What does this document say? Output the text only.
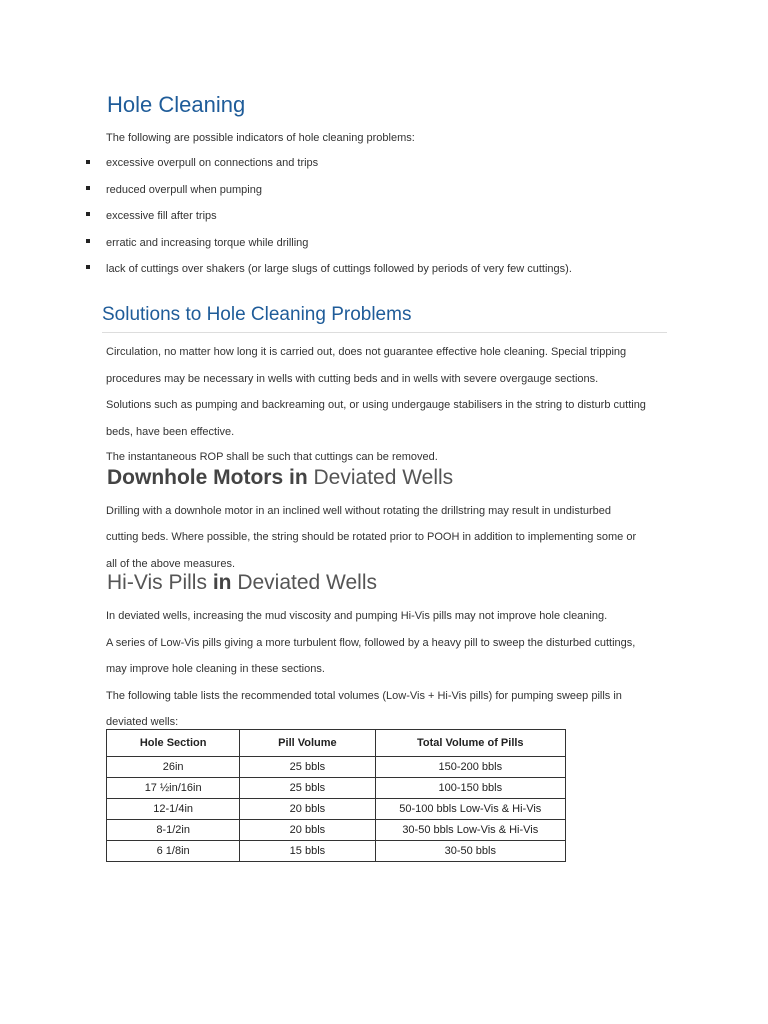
Hole Cleaning
The following are possible indicators of hole cleaning problems:
excessive overpull on connections and trips
reduced overpull when pumping
excessive fill after trips
erratic and increasing torque while drilling
lack of cuttings over shakers (or large slugs of cuttings followed by periods of very few cuttings).
Solutions to Hole Cleaning Problems
Circulation, no matter how long it is carried out, does not guarantee effective hole cleaning. Special tripping
procedures may be necessary in wells with cutting beds and in wells with severe overgauge sections.
Solutions such as pumping and backreaming out, or using undergauge stabilisers in the string to disturb cutting
beds, have been effective.
The instantaneous ROP shall be such that cuttings can be removed.
Downhole Motors in Deviated Wells
Drilling with a downhole motor in an inclined well without rotating the drillstring may result in undisturbed
cutting beds. Where possible, the string should be rotated prior to POOH in addition to implementing some or
all of the above measures.
Hi-Vis Pills in Deviated Wells
In deviated wells, increasing the mud viscosity and pumping Hi-Vis pills may not improve hole cleaning.
A series of Low-Vis pills giving a more turbulent flow, followed by a heavy pill to sweep the disturbed cuttings,
may improve hole cleaning in these sections.
The following table lists the recommended total volumes (Low-Vis + Hi-Vis pills) for pumping sweep pills in
deviated wells:
Hole Section	Pill Volume	Total Volume of Pills
26in	25 bbls	150-200 bbls
17 ½in/16in	25 bbls	100-150 bbls
12-1/4in	20 bbls	50-100 bbls Low-Vis & Hi-Vis
8-1/2in	20 bbls	30-50 bbls Low-Vis & Hi-Vis
6 1/8in	15 bbls	30-50 bbls
